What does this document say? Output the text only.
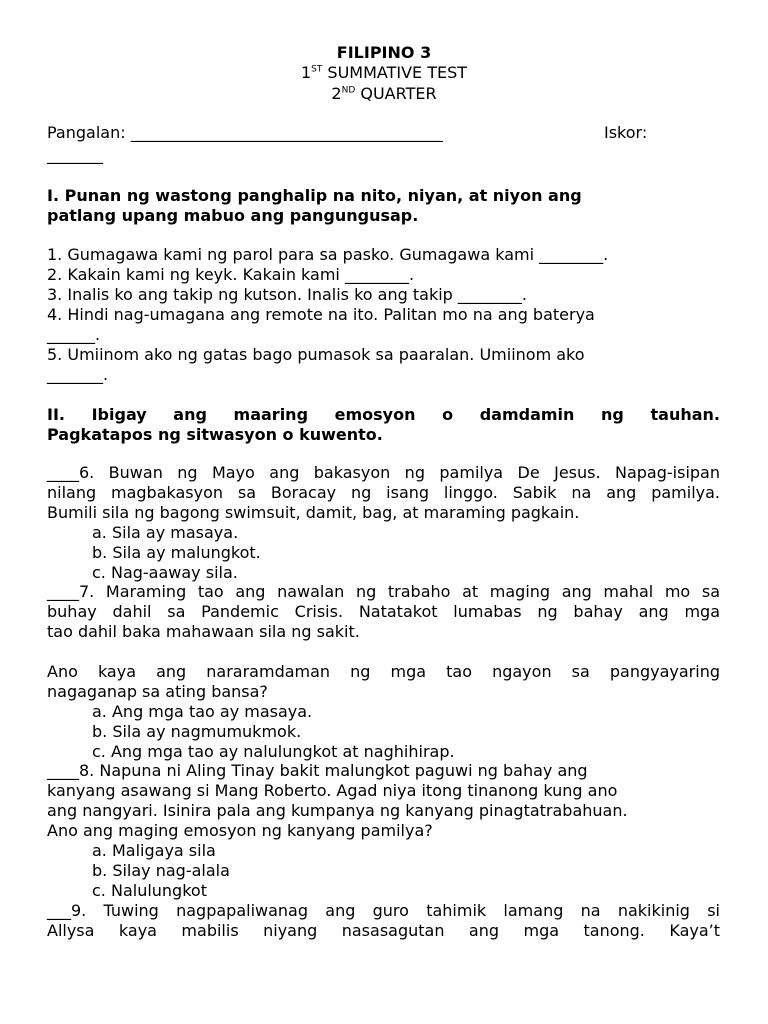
FILIPINO 3
1ST SUMMATIVE TEST
2ND QUARTER
Pangalan: _______________________________________	Iskor:
_______
I. Punan ng wastong panghalip na nito, niyan, at niyon ang
patlang upang mabuo ang pangungusap.
1. Gumagawa kami ng parol para sa pasko. Gumagawa kami ________.
2. Kakain kami ng keyk. Kakain kami ________.
3. Inalis ko ang takip ng kutson. Inalis ko ang takip ________.
4. Hindi nag-umagana ang remote na ito. Palitan mo na ang baterya
______.
5. Umiinom ako ng gatas bago pumasok sa paaralan. Umiinom ako
_______.
II. Ibigay ang maaring emosyon o damdamin ng tauhan.
Pagkatapos ng sitwasyon o kuwento.
____6. Buwan ng Mayo ang bakasyon ng pamilya De Jesus. Napag-isipan
nilang magbakasyon sa Boracay ng isang linggo. Sabik na ang pamilya.
Bumili sila ng bagong swimsuit, damit, bag, at maraming pagkain.
a. Sila ay masaya.
b. Sila ay malungkot.
c. Nag-aaway sila.
____7. Maraming tao ang nawalan ng trabaho at maging ang mahal mo sa
buhay dahil sa Pandemic Crisis. Natatakot lumabas ng bahay ang mga
tao dahil baka mahawaan sila ng sakit.
Ano kaya ang nararamdaman ng mga tao ngayon sa pangyayaring
nagaganap sa ating bansa?
a. Ang mga tao ay masaya.
b. Sila ay nagmumukmok.
c. Ang mga tao ay nalulungkot at naghihirap.
____8. Napuna ni Aling Tinay bakit malungkot paguwi ng bahay ang
kanyang asawang si Mang Roberto. Agad niya itong tinanong kung ano
ang nangyari. Isinira pala ang kumpanya ng kanyang pinagtatrabahuan.
Ano ang maging emosyon ng kanyang pamilya?
a. Maligaya sila
b. Silay nag-alala
c. Nalulungkot
___9. Tuwing nagpapaliwanag ang guro tahimik lamang na nakikinig si
Allysa kaya mabilis niyang nasasagutan ang mga tanong. Kaya’t
